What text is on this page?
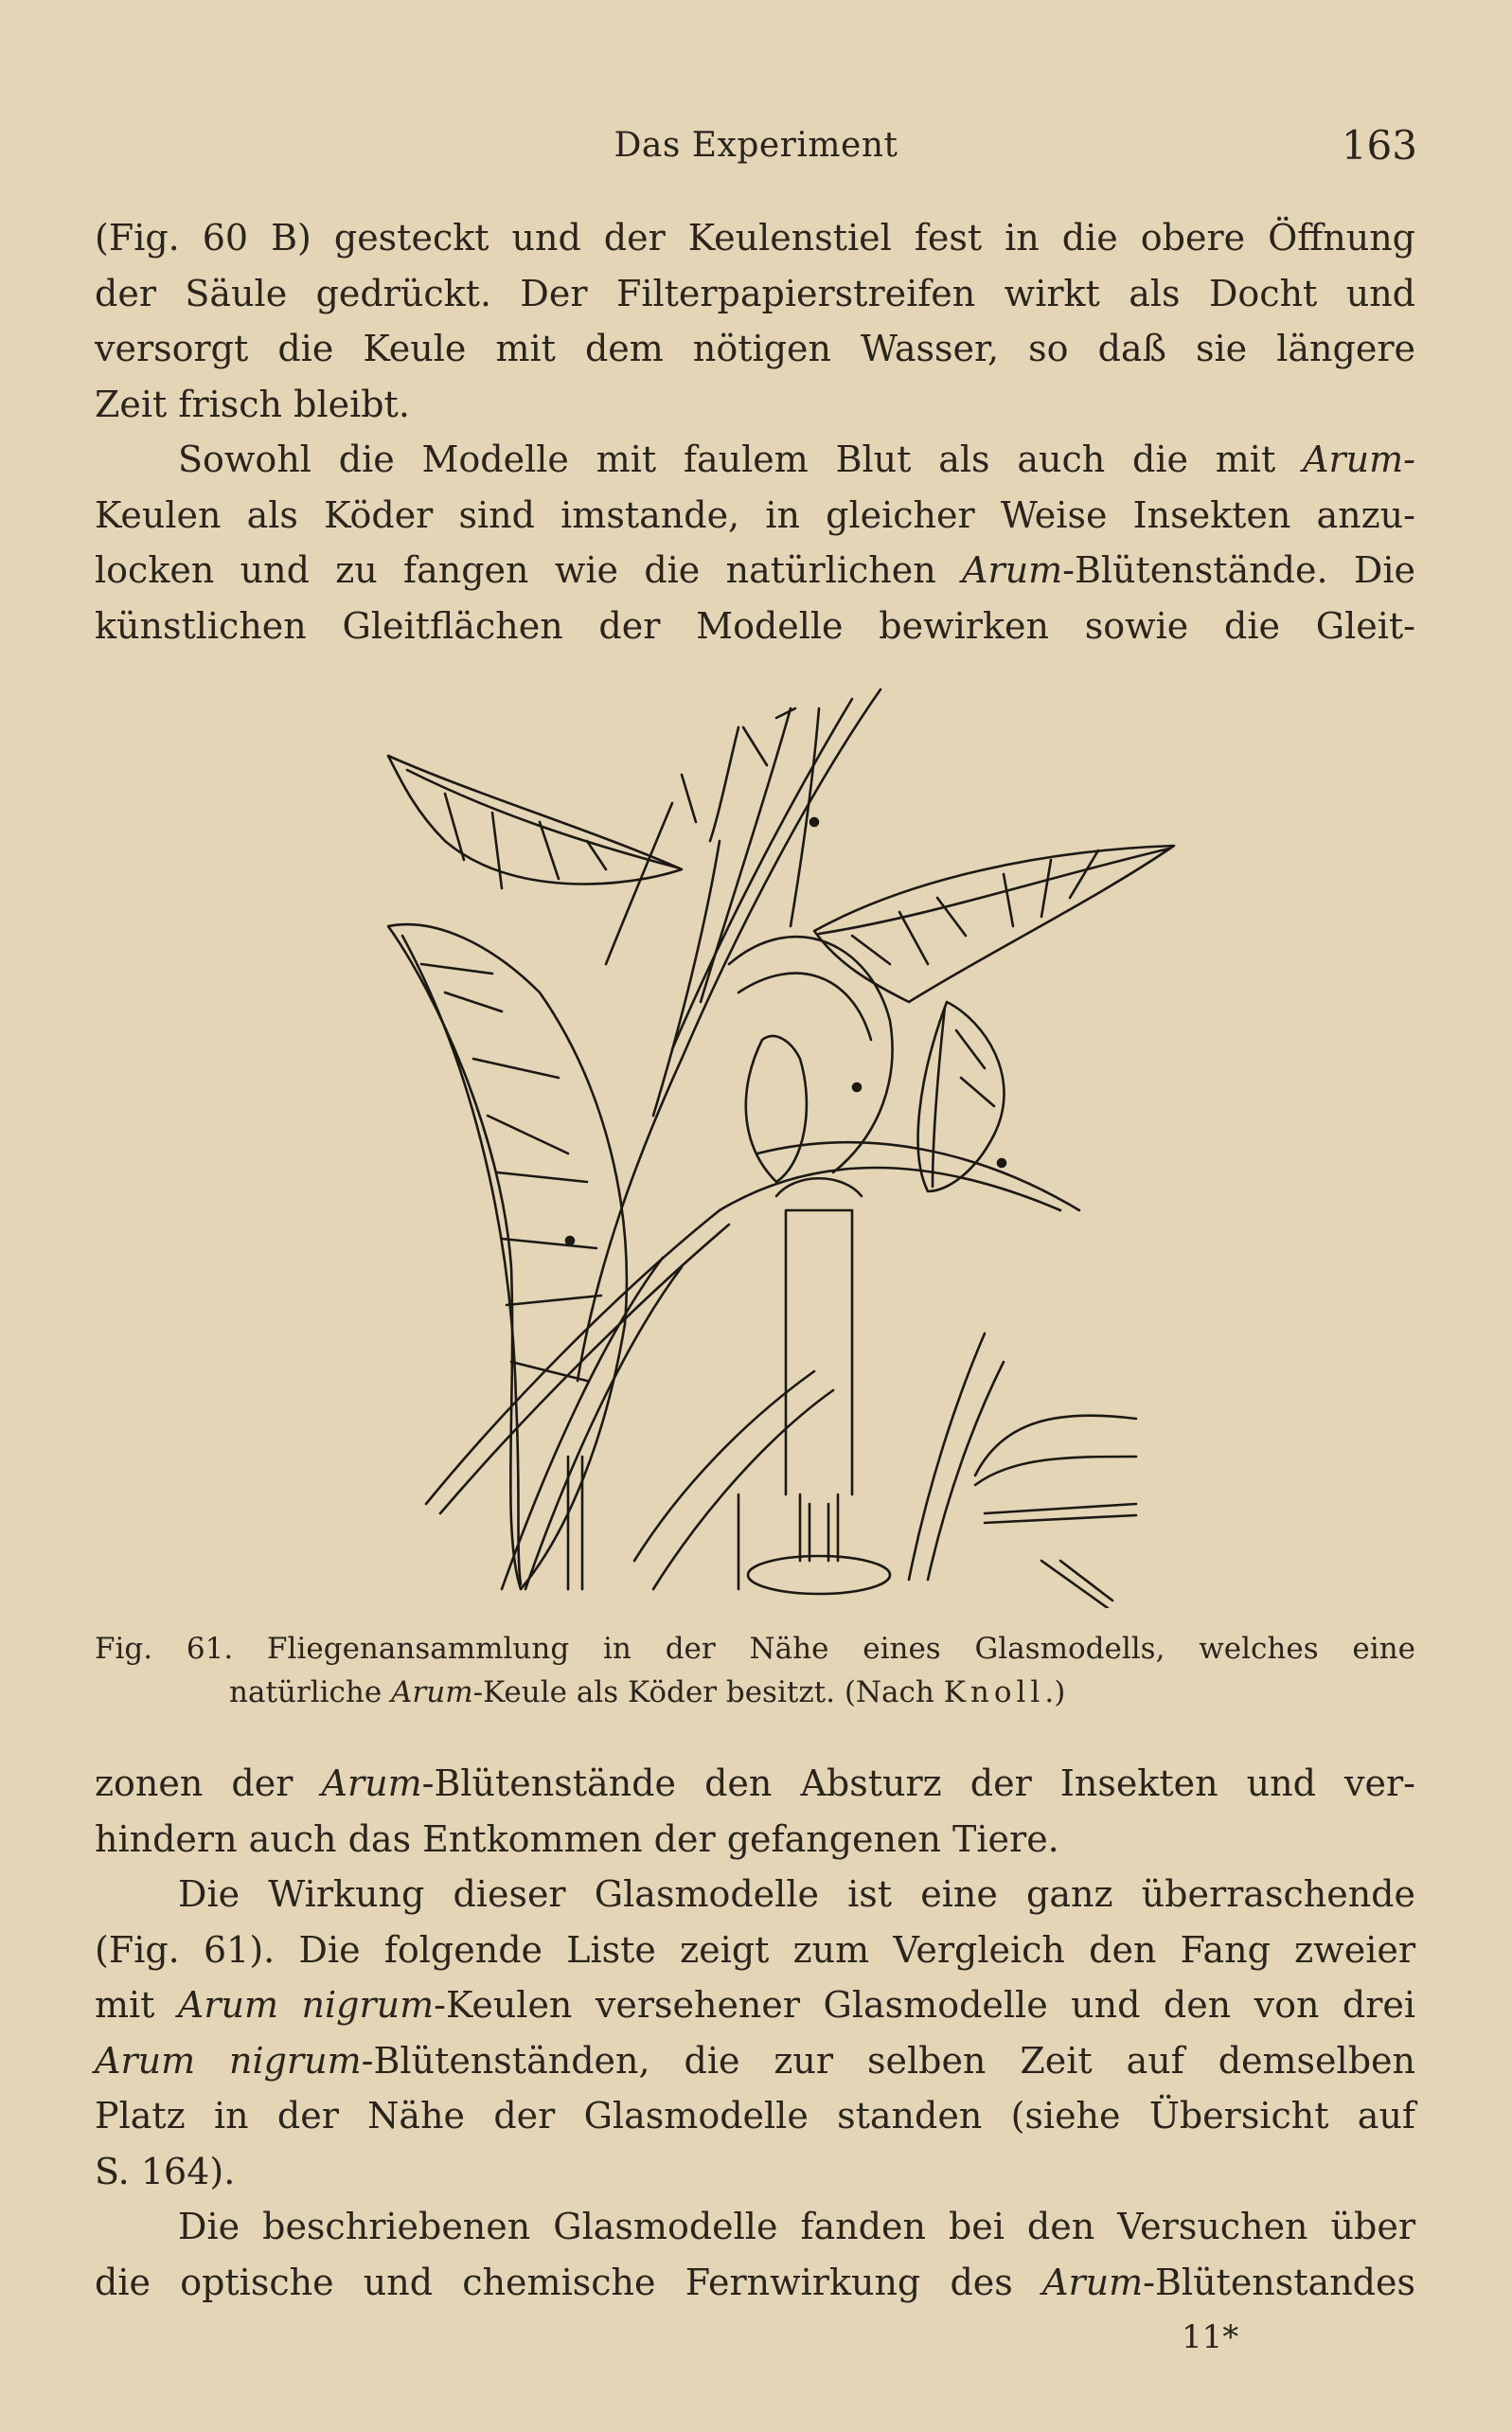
Das Experiment	163

(Fig. 60 B) gesteckt und der Keulenstiel fest in die obere Öffnung
der Säule gedrückt. Der Filterpapierstreifen wirkt als Docht und
versorgt die Keule mit dem nötigen Wasser, so daß sie längere
Zeit frisch bleibt.

Sowohl die Modelle mit faulem Blut als auch die mit Arum-
Keulen als Köder sind imstande, in gleicher Weise Insekten anzu-
locken und zu fangen wie die natürlichen Arum-Blütenstände. Die
künstlichen Gleitflächen der Modelle bewirken sowie die Gleit-

Fig. 61. Fliegenansammlung in der Nähe eines Glasmodells, welches eine
natürliche Arum-Keule als Köder besitzt. (Nach Knoll.)

zonen der Arum-Blütenstände den Absturz der Insekten und ver-
hindern auch das Entkommen der gefangenen Tiere.

Die Wirkung dieser Glasmodelle ist eine ganz überraschende
(Fig. 61). Die folgende Liste zeigt zum Vergleich den Fang zweier
mit Arum nigrum-Keulen versehener Glasmodelle und den von drei
Arum nigrum-Blütenständen, die zur selben Zeit auf demselben
Platz in der Nähe der Glasmodelle standen (siehe Übersicht auf
S. 164).

Die beschriebenen Glasmodelle fanden bei den Versuchen über
die optische und chemische Fernwirkung des Arum-Blütenstandes

11*
